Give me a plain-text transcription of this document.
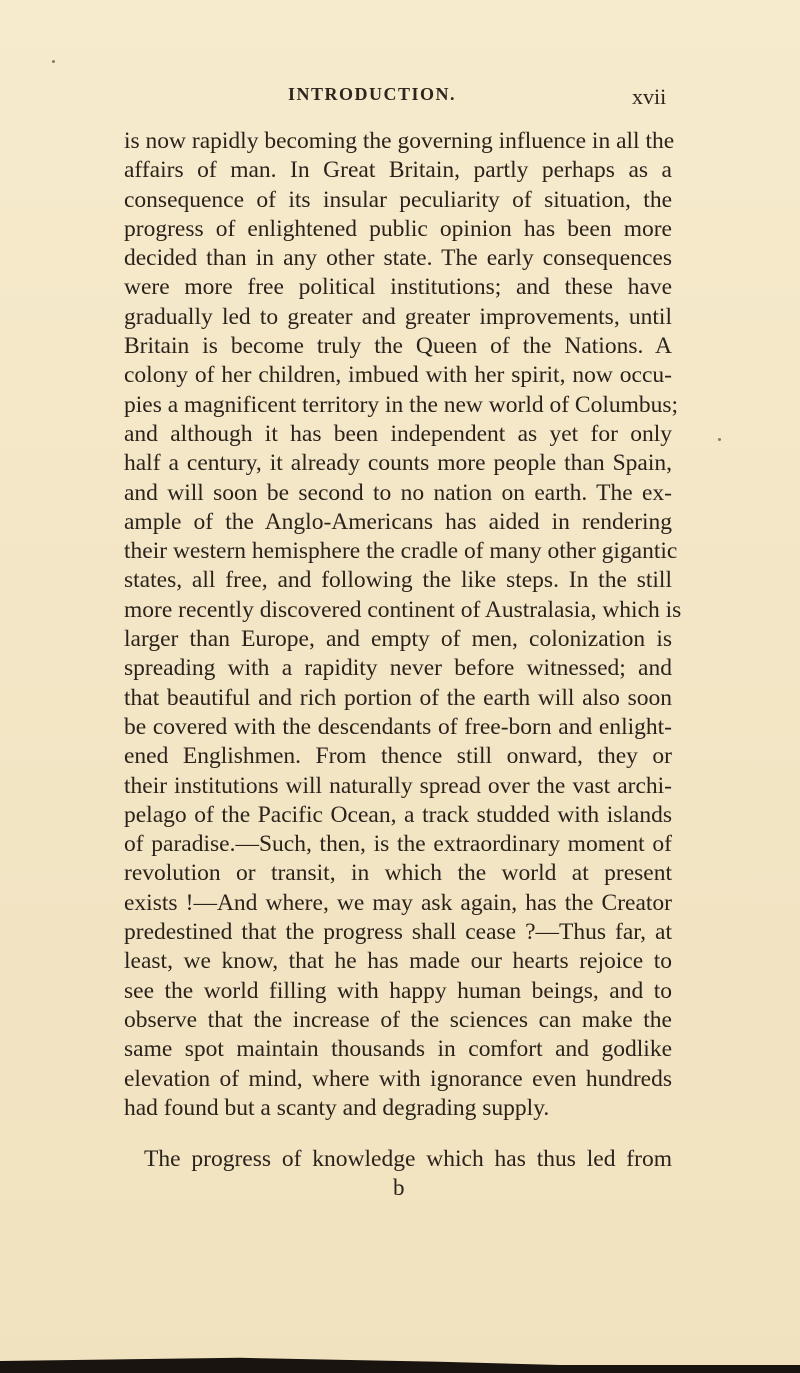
INTRODUCTION.	xvii
is now rapidly becoming the governing influence in all the
affairs of man. In Great Britain, partly perhaps as a
consequence of its insular peculiarity of situation, the
progress of enlightened public opinion has been more
decided than in any other state. The early consequences
were more free political institutions; and these have
gradually led to greater and greater improvements, until
Britain is become truly the Queen of the Nations. A
colony of her children, imbued with her spirit, now occu-
pies a magnificent territory in the new world of Columbus;
and although it has been independent as yet for only
half a century, it already counts more people than Spain,
and will soon be second to no nation on earth. The ex-
ample of the Anglo-Americans has aided in rendering
their western hemisphere the cradle of many other gigantic
states, all free, and following the like steps. In the still
more recently discovered continent of Australasia, which is
larger than Europe, and empty of men, colonization is
spreading with a rapidity never before witnessed; and
that beautiful and rich portion of the earth will also soon
be covered with the descendants of free-born and enlight-
ened Englishmen. From thence still onward, they or
their institutions will naturally spread over the vast archi-
pelago of the Pacific Ocean, a track studded with islands
of paradise.—Such, then, is the extraordinary moment of
revolution or transit, in which the world at present
exists !—And where, we may ask again, has the Creator
predestined that the progress shall cease ?—Thus far, at
least, we know, that he has made our hearts rejoice to
see the world filling with happy human beings, and to
observe that the increase of the sciences can make the
same spot maintain thousands in comfort and godlike
elevation of mind, where with ignorance even hundreds
had found but a scanty and degrading supply.
The progress of knowledge which has thus led from
b
